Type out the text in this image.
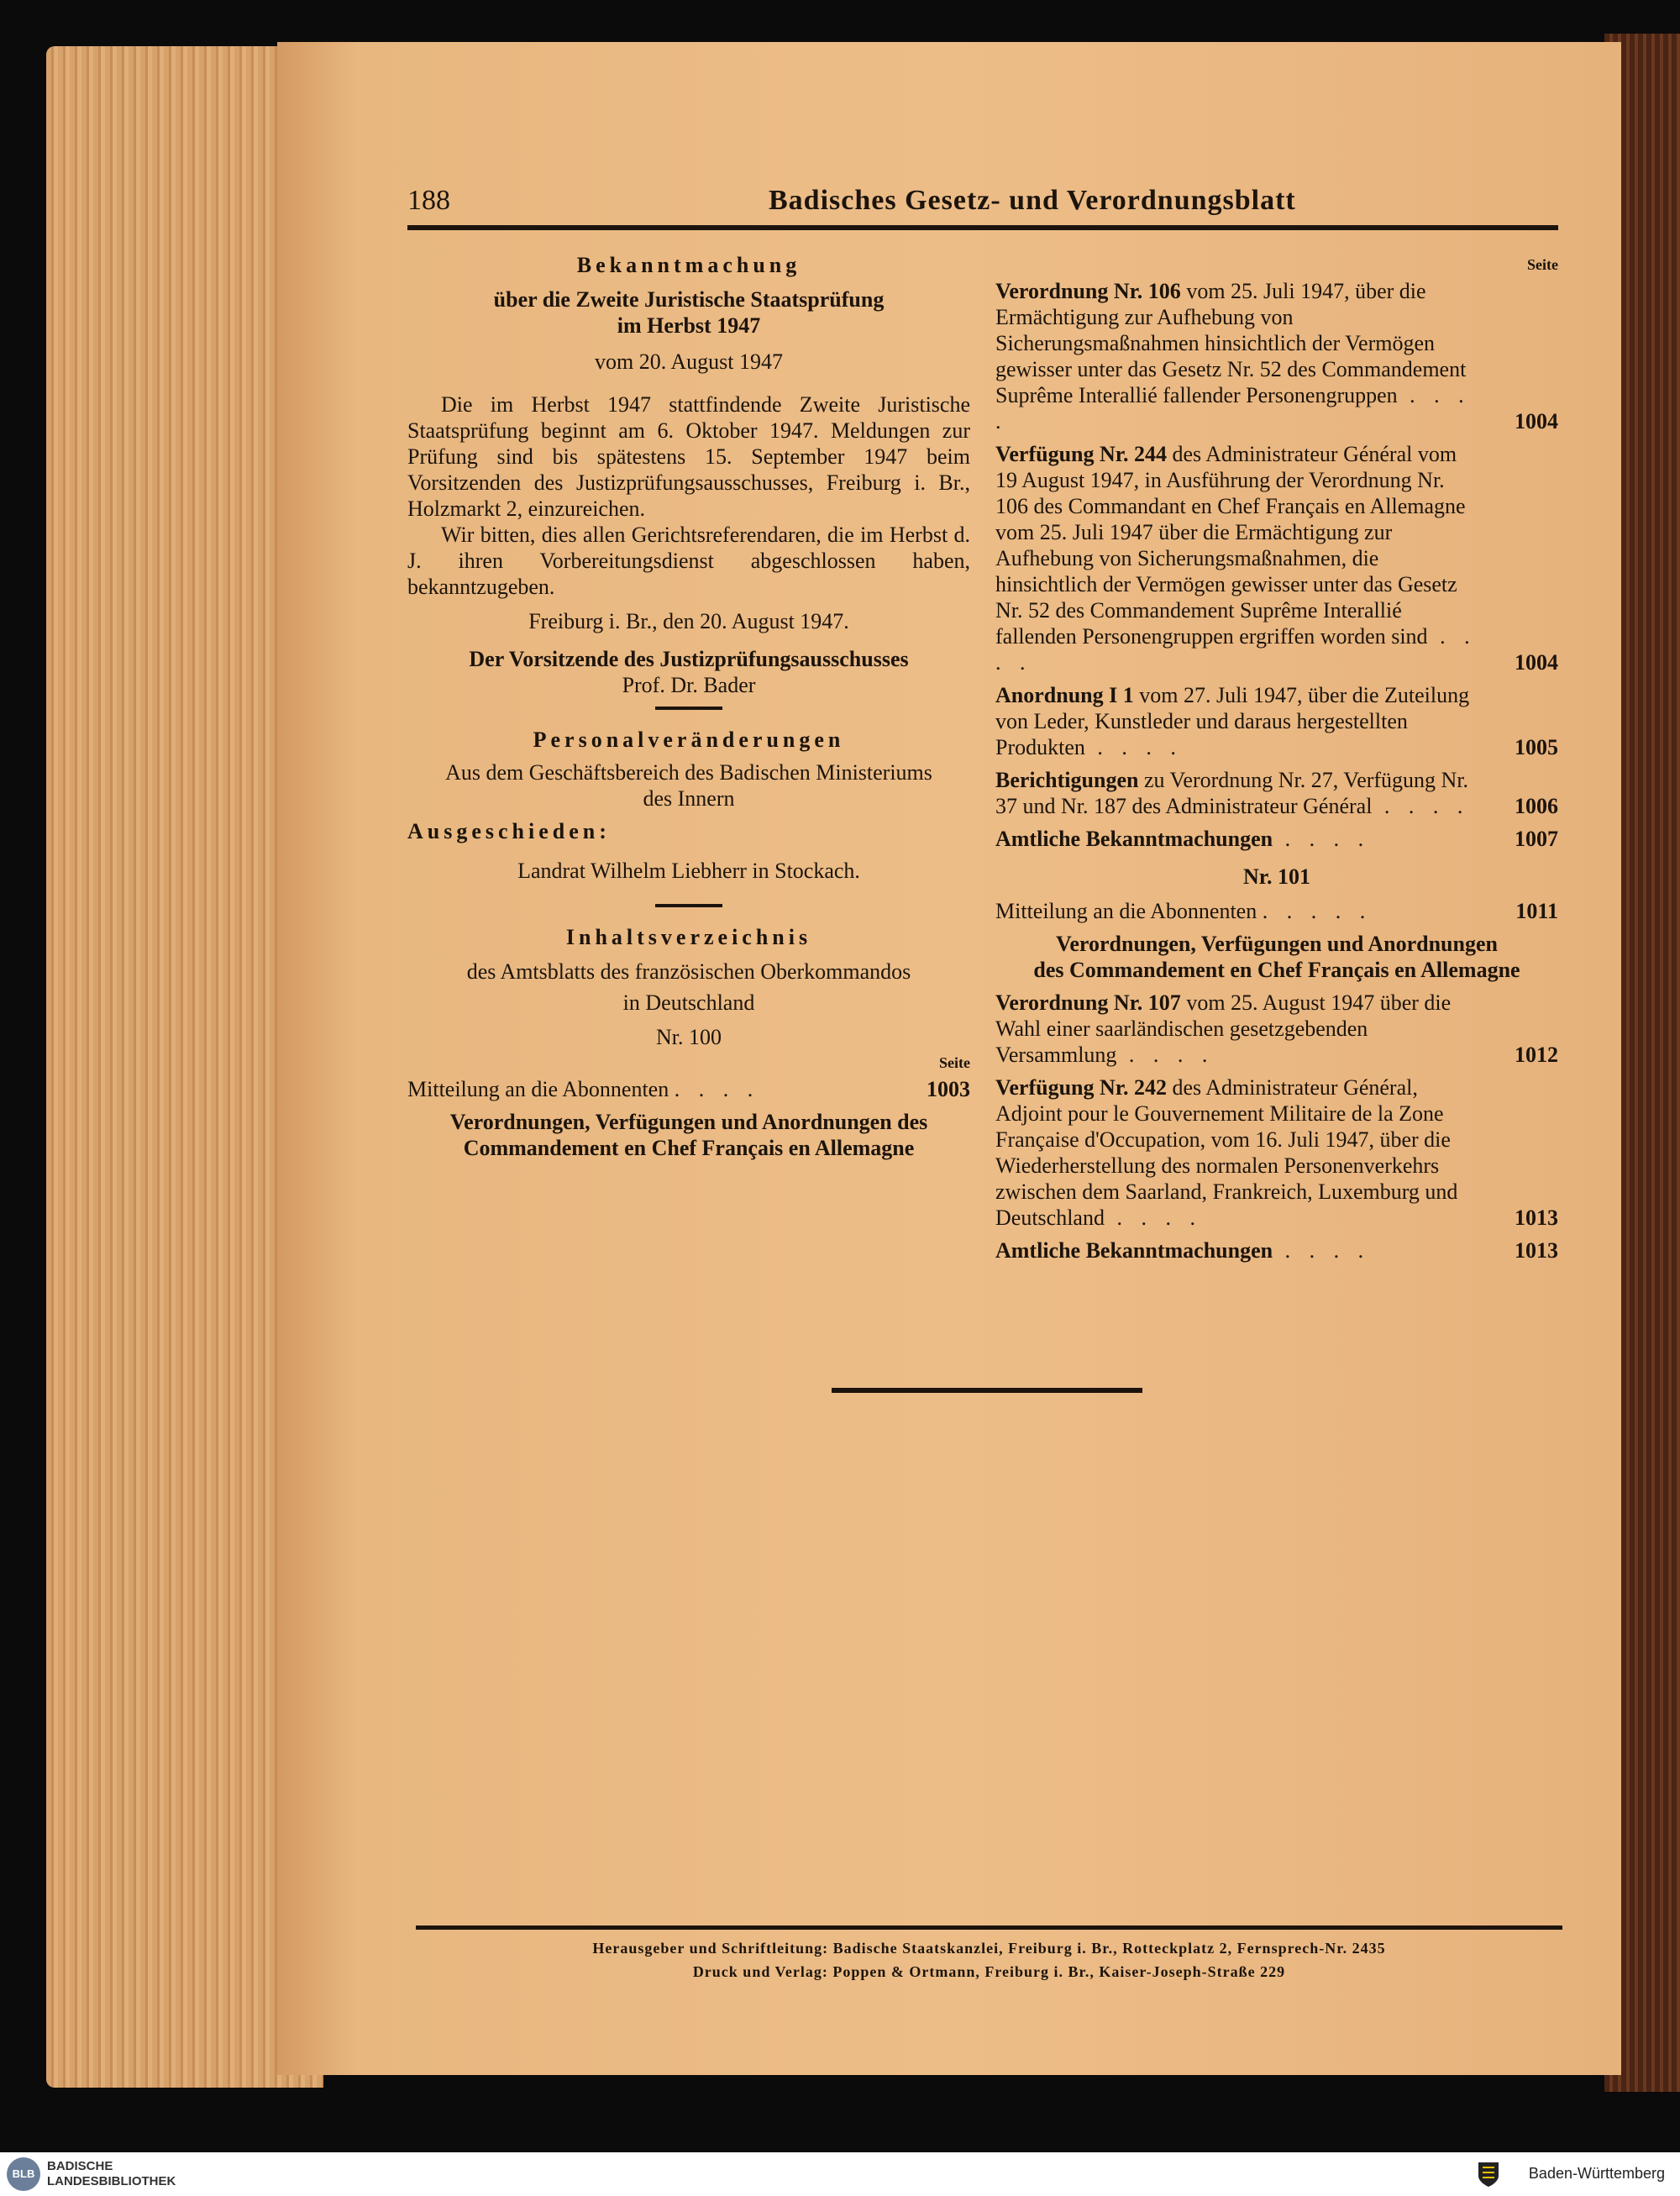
188	Badisches Gesetz- und Verordnungsblatt

Bekanntmachung

über die Zweite Juristische Staatsprüfung

im Herbst 1947

vom 20. August 1947

Die im Herbst 1947 stattfindende Zweite Juristische Staatsprüfung beginnt am 6. Oktober 1947. Meldungen zur Prüfung sind bis spätestens 15. September 1947 beim Vorsitzenden des Justizprüfungsausschusses, Freiburg i. Br., Holzmarkt 2, einzureichen.

Wir bitten, dies allen Gerichtsreferendaren, die im Herbst d. J. ihren Vorbereitungsdienst abgeschlossen haben, bekanntzugeben.

Freiburg i. Br., den 20. August 1947.

Der Vorsitzende des Justizprüfungsausschusses

Prof. Dr. Bader

Personalveränderungen

Aus dem Geschäftsbereich des Badischen Ministeriums

des Innern

Ausgeschieden:

Landrat Wilhelm Liebherr in Stockach.

Inhaltsverzeichnis

des Amtsblatts des französischen Oberkommandos

in Deutschland

Nr. 100

Seite

Mitteilung an die Abonnenten . . . .	1003

Verordnungen, Verfügungen und Anordnungen des

Commandement en Chef Français en Allemagne

Seite

Verordnung Nr. 106 vom 25. Juli 1947, über die Ermächtigung zur Aufhebung von Sicherungsmaßnahmen hinsichtlich der Vermögen gewisser unter das Gesetz Nr. 52 des Commandement Suprême Interallié fallender Personengruppen . . . .	1004
Verfügung Nr. 244 des Administrateur Général vom 19 August 1947, in Ausführung der Verordnung Nr. 106 des Commandant en Chef Français en Allemagne vom 25. Juli 1947 über die Ermächtigung zur Aufhebung von Sicherungsmaßnahmen, die hinsichtlich der Vermögen gewisser unter das Gesetz Nr. 52 des Commandement Suprême Interallié fallenden Personengruppen ergriffen worden sind . . . .	1004
Anordnung I 1 vom 27. Juli 1947, über die Zuteilung von Leder, Kunstleder und daraus hergestellten Produkten . . . .	1005
Berichtigungen zu Verordnung Nr. 27, Verfügung Nr. 37 und Nr. 187 des Administrateur Général . . . . 1006
Amtliche Bekanntmachungen . . . .	1007

Nr. 101

Mitteilung an die Abonnenten . . . . .	1011

Verordnungen, Verfügungen und Anordnungen

des Commandement en Chef Français en Allemagne

Verordnung Nr. 107 vom 25. August 1947 über die Wahl einer saarländischen gesetzgebenden Versammlung . . . .	1012
Verfügung Nr. 242 des Administrateur Général, Adjoint pour le Gouvernement Militaire de la Zone Française d'Occupation, vom 16. Juli 1947, über die Wiederherstellung des normalen Personenverkehrs zwischen dem Saarland, Frankreich, Luxemburg und Deutschland . . . .	1013
Amtliche Bekanntmachungen . . . .	1013
Herausgeber und Schriftleitung: Badische Staatskanzlei, Freiburg i. Br., Rotteckplatz 2, Fernsprech-Nr. 2435
Druck und Verlag: Poppen & Ortmann, Freiburg i. Br., Kaiser-Joseph-Straße 229
BLB
BADISCHE
LANDESBIBLIOTHEK	Baden-Württemberg
